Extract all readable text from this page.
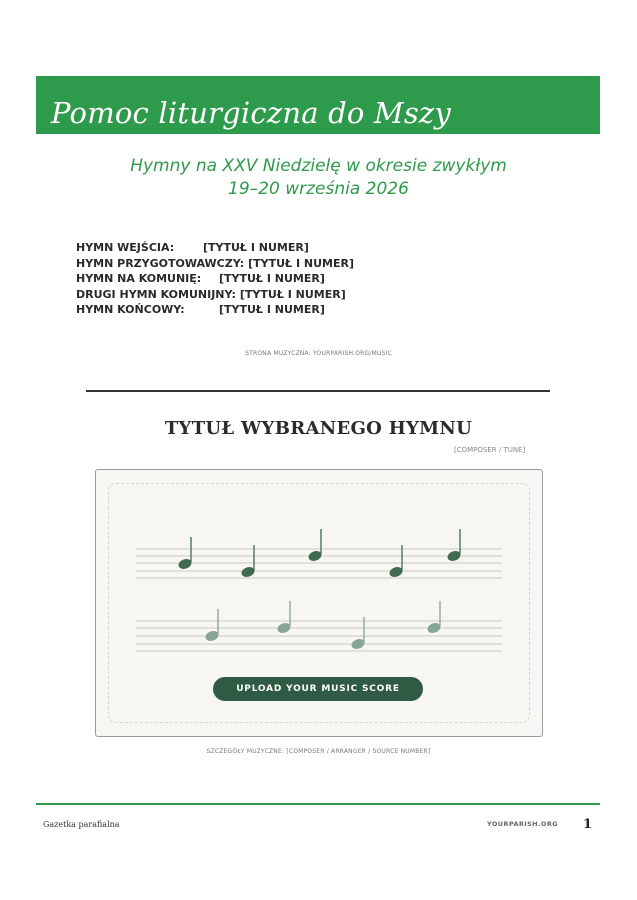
Pomoc liturgiczna do Mszy
Hymny na XXV Niedzielę w okresie zwykłym
19–20 września 2026
HYMN WEJŚCIA:	[TYTUŁ I NUMER]
HYMN PRZYGOTOWAWCZY: [TYTUŁ I NUMER]
HYMN NA KOMUNIĘ: [TYTUŁ I NUMER]
DRUGI HYMN KOMUNIJNY: [TYTUŁ I NUMER]
HYMN KOŃCOWY:	[TYTUŁ I NUMER]
STRONA MUZYCZNA: YOURPARISH.ORG/MUSIC
TYTUŁ WYBRANEGO HYMNU
[COMPOSER / TUNE]
UPLOAD YOUR MUSIC SCORE
SZCZEGÓŁY MUZYCZNE: [COMPOSER / ARRANGER / SOURCE NUMBER]
Gazetka parafialna	YOURPARISH.ORG 1
